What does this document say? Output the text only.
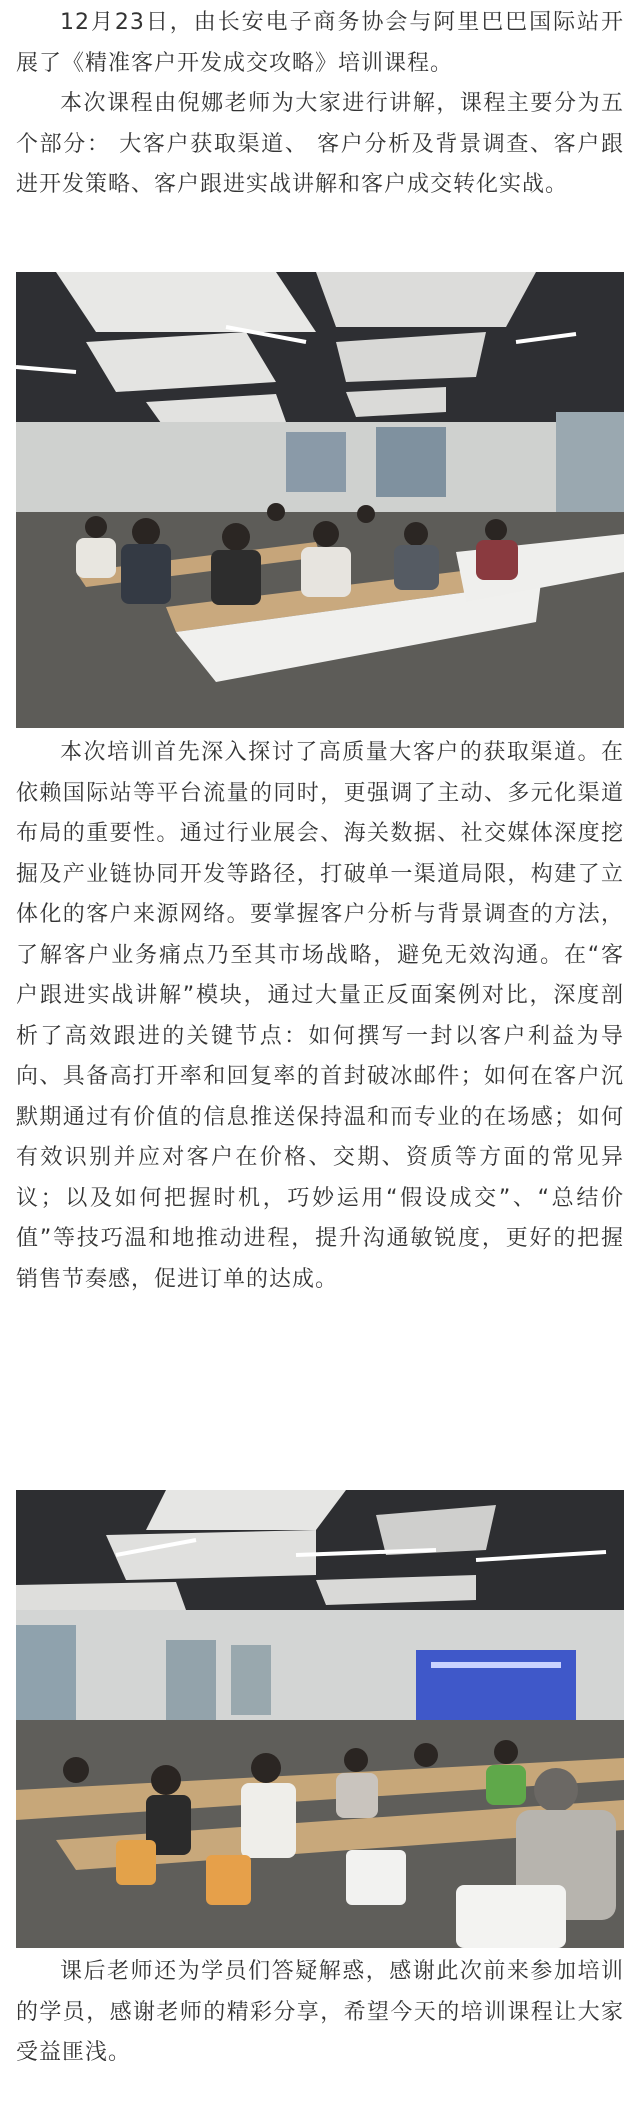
12月23日，由长安电子商务协会与阿里巴巴国际站开展了《精准客户开发成交攻略》培训课程。

本次课程由倪娜老师为大家进行讲解，课程主要分为五个部分： 大客户获取渠道、 客户分析及背景调查、客户跟进开发策略、客户跟进实战讲解和客户成交转化实战。

本次培训首先深入探讨了高质量大客户的获取渠道。在依赖国际站等平台流量的同时，更强调了主动、多元化渠道布局的重要性。通过行业展会、海关数据、社交媒体深度挖掘及产业链协同开发等路径，打破单一渠道局限，构建了立体化的客户来源网络。要掌握客户分析与背景调查的方法，了解客户业务痛点乃至其市场战略，避免无效沟通。在“客户跟进实战讲解”模块，通过大量正反面案例对比，深度剖析了高效跟进的关键节点：如何撰写一封以客户利益为导向、具备高打开率和回复率的首封破冰邮件；如何在客户沉默期通过有价值的信息推送保持温和而专业的在场感；如何有效识别并应对客户在价格、交期、资质等方面的常见异议；以及如何把握时机，巧妙运用“假设成交”、“总结价值”等技巧温和地推动进程，提升沟通敏锐度，更好的把握销售节奏感，促进订单的达成。

课后老师还为学员们答疑解惑，感谢此次前来参加培训的学员，感谢老师的精彩分享，希望今天的培训课程让大家受益匪浅。
